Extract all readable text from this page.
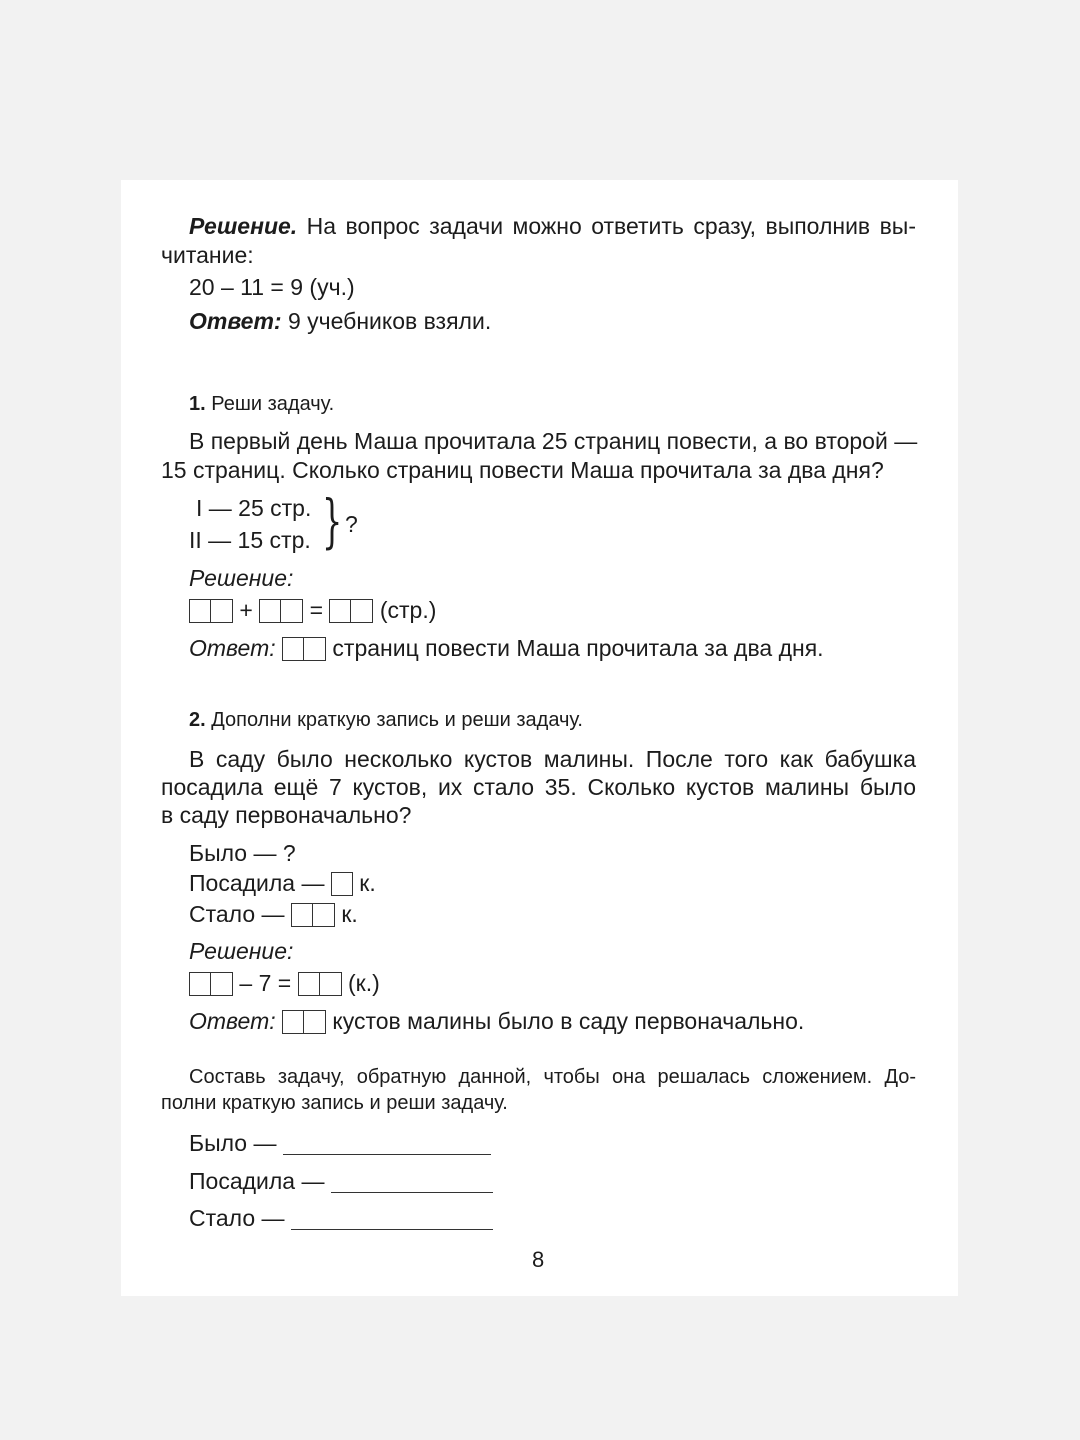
Решение. На вопрос задачи можно ответить сразу, выполнив вы-
читание:
20 – 11 = 9 (уч.)
Ответ: 9 учебников взяли.
1. Реши задачу.
В первый день Маша прочитала 25 страниц повести, а во второй —
15 страниц. Сколько страниц повести Маша прочитала за два дня?
I — 25 стр.
II — 15 стр. } ?
Решение:
+ = (стр.)
Ответ: страниц повести Маша прочитала за два дня.
2. Дополни краткую запись и реши задачу.
В саду было несколько кустов малины. После того как бабушка
посадила ещё 7 кустов, их стало 35. Сколько кустов малины было
в саду первоначально?
Было — ?
Посадила — к.
Стало — к.
Решение:
– 7 = (к.)
Ответ: кустов малины было в саду первоначально.
Составь задачу, обратную данной, чтобы она решалась сложением. До-
полни краткую запись и реши задачу.
Было —
Посадила —
Стало —
8
